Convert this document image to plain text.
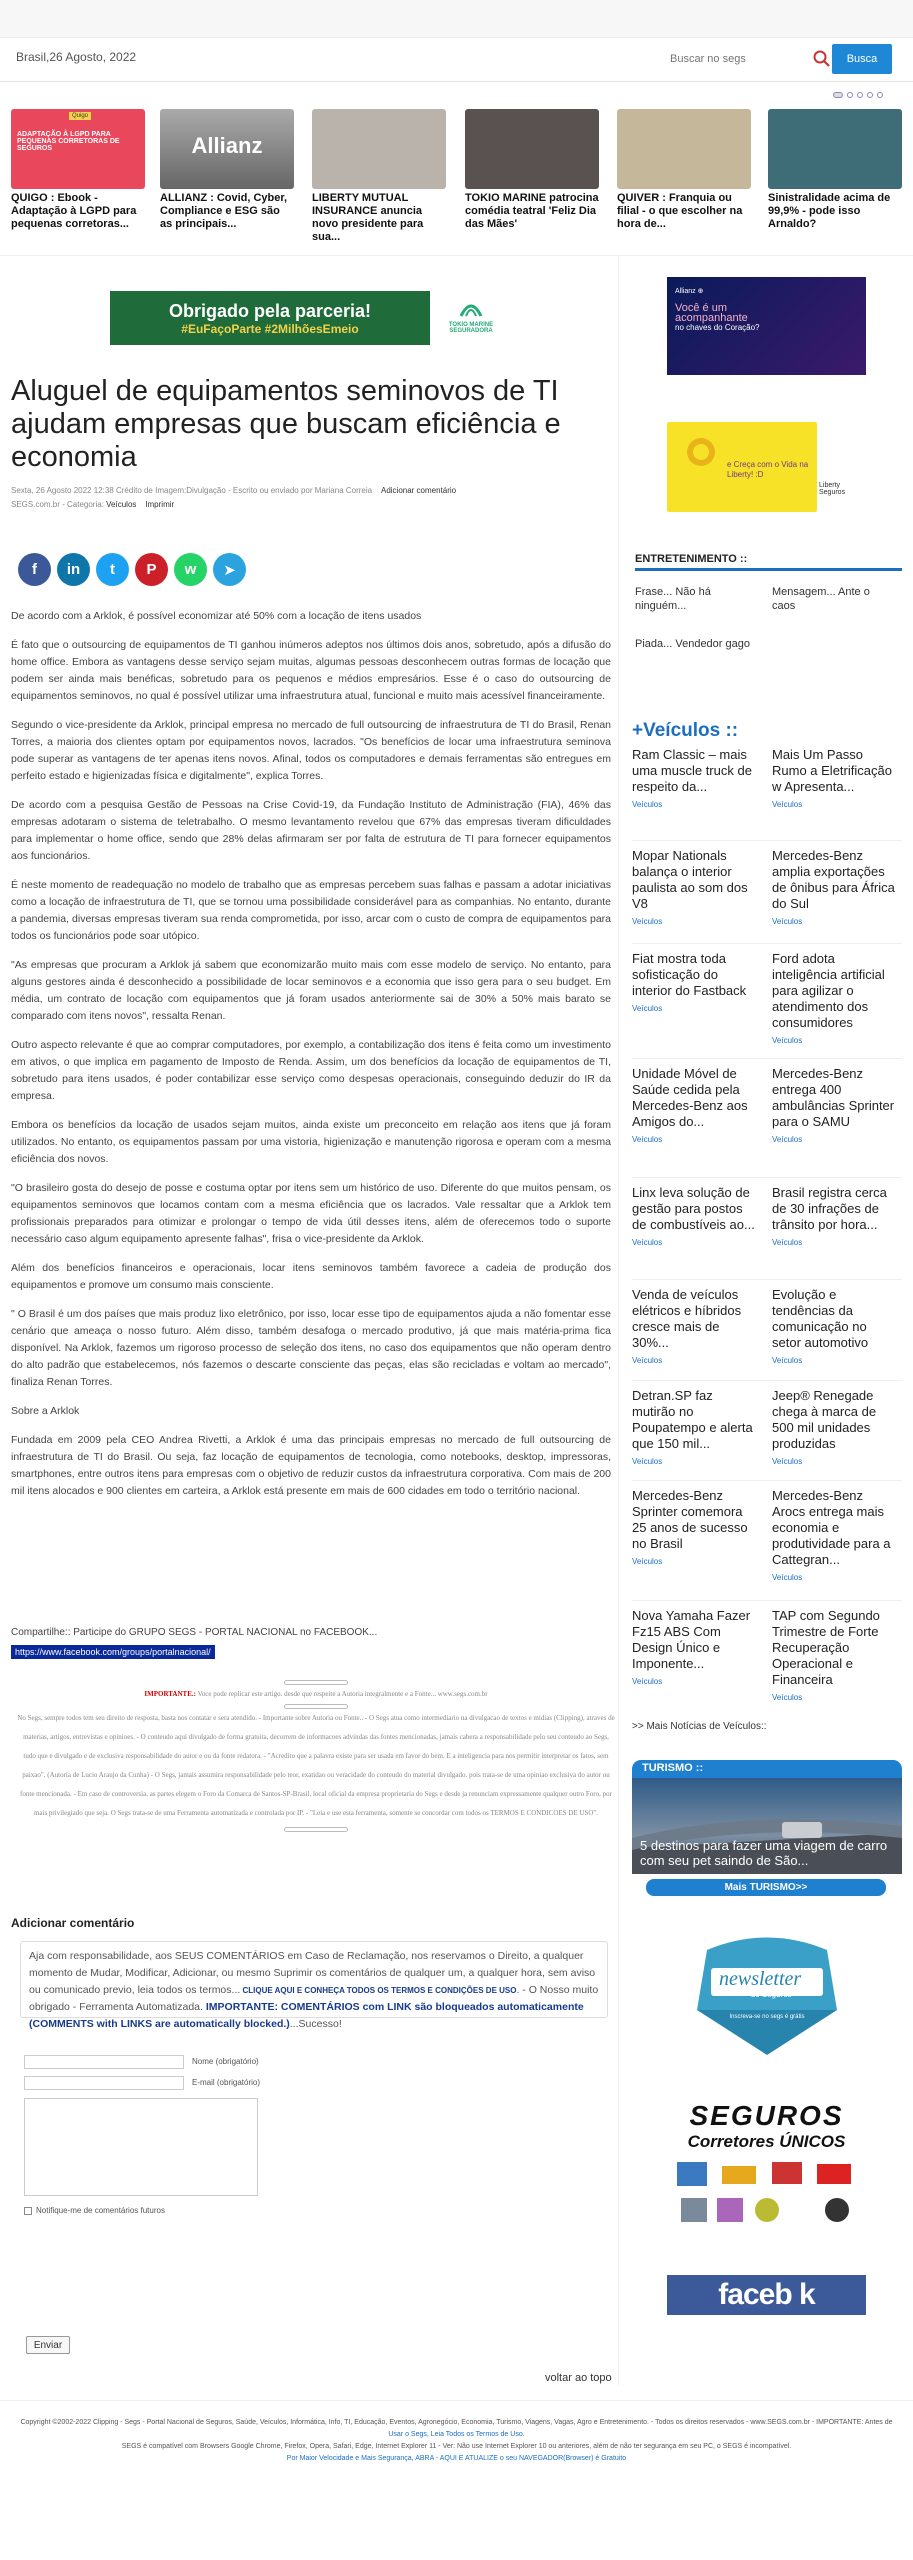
Brasil,26 Agosto, 2022
Buscar no segs	Busca
ADAPTAÇÃO À LGPD PARA PEQUENAS CORRETORAS DE SEGUROS
Quigo
QUIGO : Ebook - Adaptação à LGPD para pequenas corretoras...
Allianz
ALLIANZ : Covid, Cyber, Compliance e ESG são as principais...
LIBERTY MUTUAL INSURANCE anuncia novo presidente para sua...
TOKIO MARINE patrocina comédia teatral 'Feliz Dia das Mães'
QUIVER : Franquia ou filial - o que escolher na hora de...
Sinistralidade acima de 99,9% - pode isso Arnaldo?
Obrigado pela parceria!
#EuFaçoParte #2MilhõesEmeio	TOKIO MARINE SEGURADORA
Aluguel de equipamentos seminovos de TI ajudam empresas que buscam eficiência e economia
Sexta, 26 Agosto 2022 12:38 Crédito de Imagem:Divulgação - Escrito ou enviado por Mariana Correia Adicionar comentário
SEGS.com.br - Categoria: Veículos Imprimir
f	in	t	P	w	➤

De acordo com a Arklok, é possível economizar até 50% com a locação de itens usados

É fato que o outsourcing de equipamentos de TI ganhou inúmeros adeptos nos últimos dois anos, sobretudo, após a difusão do home office. Embora as vantagens desse serviço sejam muitas, algumas pessoas desconhecem outras formas de locação que podem ser ainda mais benéficas, sobretudo para os pequenos e médios empresários. Esse é o caso do outsourcing de equipamentos seminovos, no qual é possível utilizar uma infraestrutura atual, funcional e muito mais acessível financeiramente.

Segundo o vice-presidente da Arklok, principal empresa no mercado de full outsourcing de infraestrutura de TI do Brasil, Renan Torres, a maioria dos clientes optam por equipamentos novos, lacrados. "Os benefícios de locar uma infraestrutura seminova pode superar as vantagens de ter apenas itens novos. Afinal, todos os computadores e demais ferramentas são entregues em perfeito estado e higienizadas física e digitalmente", explica Torres.

De acordo com a pesquisa Gestão de Pessoas na Crise Covid-19, da Fundação Instituto de Administração (FIA), 46% das empresas adotaram o sistema de teletrabalho. O mesmo levantamento revelou que 67% das empresas tiveram dificuldades para implementar o home office, sendo que 28% delas afirmaram ser por falta de estrutura de TI para fornecer equipamentos aos funcionários.

É neste momento de readequação no modelo de trabalho que as empresas percebem suas falhas e passam a adotar iniciativas como a locação de infraestrutura de TI, que se tornou uma possibilidade considerável para as companhias. No entanto, durante a pandemia, diversas empresas tiveram sua renda comprometida, por isso, arcar com o custo de compra de equipamentos para todos os funcionários pode soar utópico.

"As empresas que procuram a Arklok já sabem que economizarão muito mais com esse modelo de serviço. No entanto, para alguns gestores ainda é desconhecido a possibilidade de locar seminovos e a economia que isso gera para o seu budget. Em média, um contrato de locação com equipamentos que já foram usados anteriormente sai de 30% a 50% mais barato se comparado com itens novos", ressalta Renan.

Outro aspecto relevante é que ao comprar computadores, por exemplo, a contabilização dos itens é feita como um investimento em ativos, o que implica em pagamento de Imposto de Renda. Assim, um dos benefícios da locação de equipamentos de TI, sobretudo para itens usados, é poder contabilizar esse serviço como despesas operacionais, conseguindo deduzir do IR da empresa.

Embora os benefícios da locação de usados sejam muitos, ainda existe um preconceito em relação aos itens que já foram utilizados. No entanto, os equipamentos passam por uma vistoria, higienização e manutenção rigorosa e operam com a mesma eficiência dos novos.

"O brasileiro gosta do desejo de posse e costuma optar por itens sem um histórico de uso. Diferente do que muitos pensam, os equipamentos seminovos que locamos contam com a mesma eficiência que os lacrados. Vale ressaltar que a Arklok tem profissionais preparados para otimizar e prolongar o tempo de vida útil desses itens, além de oferecemos todo o suporte necessário caso algum equipamento apresente falhas", frisa o vice-presidente da Arklok.

Além dos benefícios financeiros e operacionais, locar itens seminovos também favorece a cadeia de produção dos equipamentos e promove um consumo mais consciente.

" O Brasil é um dos países que mais produz lixo eletrônico, por isso, locar esse tipo de equipamentos ajuda a não fomentar esse cenário que ameaça o nosso futuro. Além disso, também desafoga o mercado produtivo, já que mais matéria-prima fica disponível. Na Arklok, fazemos um rigoroso processo de seleção dos itens, no caso dos equipamentos que não operam dentro do alto padrão que estabelecemos, nós fazemos o descarte consciente das peças, elas são recicladas e voltam ao mercado", finaliza Renan Torres.

Sobre a Arklok

Fundada em 2009 pela CEO Andrea Rivetti, a Arklok é uma das principais empresas no mercado de full outsourcing de infraestrutura de TI do Brasil. Ou seja, faz locação de equipamentos de tecnologia, como notebooks, desktop, impressoras, smartphones, entre outros itens para empresas com o objetivo de reduzir custos da infraestrutura corporativa. Com mais de 200 mil itens alocados e 900 clientes em carteira, a Arklok está presente em mais de 600 cidades em todo o território nacional.

Compartilhe:: Participe do GRUPO SEGS - PORTAL NACIONAL no FACEBOOK...
https://www.facebook.com/groups/portalnacional/
IMPORTANTE.: Voce pode replicar este artigo. desde que respeite a Autoria integralmente e a Fonte... www.segs.com.br
No Segs, sempre todos tem seu direito de resposta, basta nos contatar e sera atendido. - Importante sobre Autoria ou Fonte.. - O Segs atua como intermediario na divulgacao de textos e midias (Clipping), atraves de materias, artigos, entrevistas e opinioes. - O conteudo aqui divulgado de forma gratuita, decorrem de informacoes advindas das fontes mencionadas, jamais cabera a responsabilidade pelo seu conteudo ao Segs, tudo que e divulgado e de exclusiva responsabilidade do autor e ou da fonte redatora. - "Acredito que a palavra existe para ser usada em favor do bem. E a inteligencia para nos permitir interpretar os fatos, sem paixao". (Autoria de Lucio Araujo da Cunha) - O Segs, jamais assumira responsabilidade pelo teor, exatidao ou veracidade do conteudo do material divulgado. pois trata-se de uma opiniao exclusiva do autor ou fonte mencionada. - Em caso de controversia, as partes elegem o Foro da Comarca de Santos-SP-Brasil, local oficial da empresa proprietaria do Segs e desde ja renunciam expressamente qualquer outro Foro, por mais privilegiado que seja. O Segs trata-se de uma Ferramenta automatizada e controlada por IP. - "Leia e use esta ferramenta, somente se concordar com todos os TERMOS E CONDICOES DE USO".
Adicionar comentário
Aja com responsabilidade, aos SEUS COMENTÁRIOS em Caso de Reclamação, nos reservamos o Direito, a qualquer momento de Mudar, Modificar, Adicionar, ou mesmo Suprimir os comentários de qualquer um, a qualquer hora, sem aviso ou comunicado previo, leia todos os termos... CLIQUE AQUI E CONHEÇA TODOS OS TERMOS E CONDIÇÕES DE USO. - O Nosso muito obrigado - Ferramenta Automatizada. IMPORTANTE: COMENTÁRIOS com LINK são bloqueados automaticamente (COMMENTS with LINKS are automatically blocked.)...Sucesso!
Nome (obrigatório)
E-mail (obrigatório)
Notifique-me de comentários futuros
Enviar
voltar ao topo
Allianz ⊕
Você é um
acompanhante
no chaves do Coração?
e Creça com o Vida na Liberty! :D
Liberty Seguros
ENTRETENIMENTO ::
Frase... Não há ninguém...
Mensagem... Ante o caos
Piada... Vendedor gago
+Veículos ::
Ram Classic – mais uma muscle truck de respeito da...
Veículos
Mais Um Passo Rumo a Eletrificação w Apresenta...
Veículos
Mopar Nationals balança o interior paulista ao som dos V8
Veículos
Mercedes-Benz amplia exportações de ônibus para África do Sul
Veículos
Fiat mostra toda sofisticação do interior do Fastback
Veículos
Ford adota inteligência artificial para agilizar o atendimento dos consumidores
Veículos
Unidade Móvel de Saúde cedida pela Mercedes-Benz aos Amigos do...
Veículos
Mercedes-Benz entrega 400 ambulâncias Sprinter para o SAMU
Veículos
Linx leva solução de gestão para postos de combustíveis ao...
Veículos
Brasil registra cerca de 30 infrações de trânsito por hora...
Veículos
Venda de veículos elétricos e híbridos cresce mais de 30%...
Veículos
Evolução e tendências da comunicação no setor automotivo
Veículos
Detran.SP faz mutirão no Poupatempo e alerta que 150 mil...
Veículos
Jeep® Renegade chega à marca de 500 mil unidades produzidas
Veículos
Mercedes-Benz Sprinter comemora 25 anos de sucesso no Brasil
Veículos
Mercedes-Benz Arocs entrega mais economia e produtividade para a Cattegran...
Veículos
Nova Yamaha Fazer Fz15 ABS Com Design Único e Imponente...
Veículos
TAP com Segundo Trimestre de Forte Recuperação Operacional e Financeira
Veículos
>> Mais Notícias de Veículos::
TURISMO ::
5 destinos para fazer uma viagem de carro com seu pet saindo de São...
Mais TURISMO>>
newsletter
de Seguros
Inscreva-se no segs é grátis
SEGUROS
Corretores ÚNICOS
faceb k
Copyright ©2002-2022 Clipping - Segs - Portal Nacional de Seguros, Saúde, Veículos, Informática, Info, TI, Educação, Eventos, Agronegócio, Economia, Turismo, Viagens, Vagas, Agro e Entretenimento. - Todos os direitos reservados - www.SEGS.com.br - IMPORTANTE: Antes de
Usar o Segs, Leia Todos os Termos de Uso.
SEGS é compatível com Browsers Google Chrome, Firefox, Opera, Safari, Edge, Internet Explorer 11 - Ver: Não use Internet Explorer 10 ou anteriores, além de não ter segurança em seu PC, o SEGS é incompatível.
Por Maior Velocidade e Mais Segurança, ABRA - AQUI E ATUALIZE o seu NAVEGADOR(Browser) é Gratuito
